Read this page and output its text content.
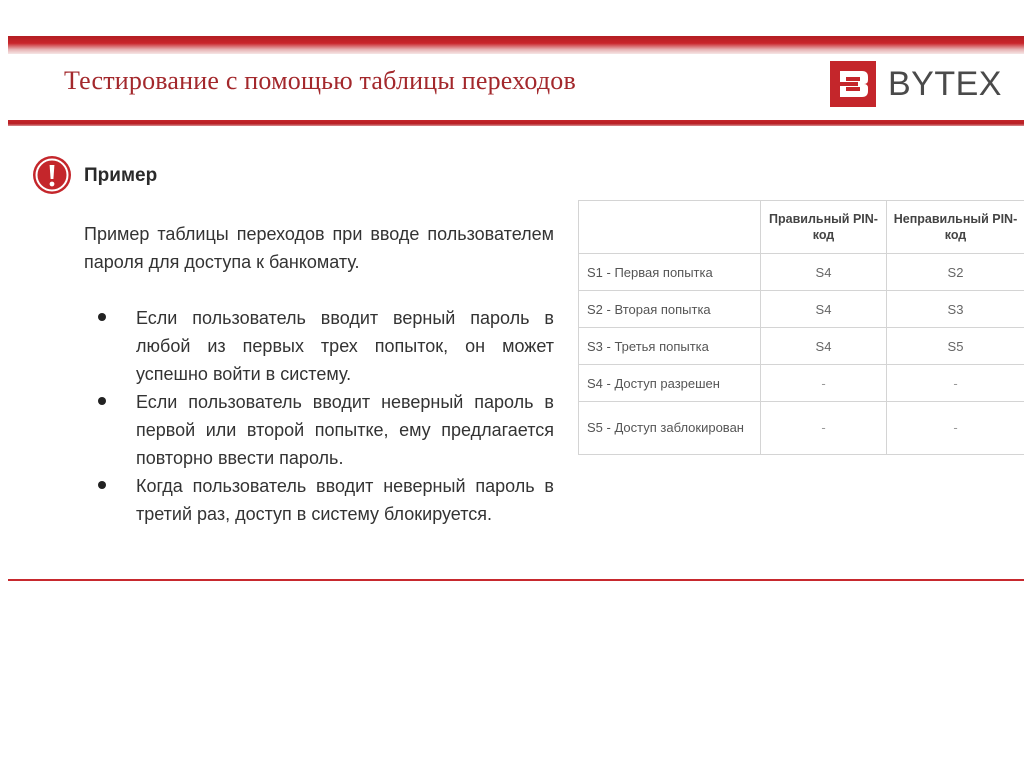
Тестирование с помощью таблицы переходов	BYTEX
Пример
Пример таблицы переходов при вводе пользователем пароля для доступа к банкомату.
Если пользователь вводит верный пароль в любой из первых трех попыток, он может успешно войти в систему.
Если пользователь вводит неверный пароль в первой или второй попытке, ему предлагается повторно ввести пароль.
Когда пользователь вводит неверный пароль в третий раз, доступ в систему блокируется.
	Правильный PIN-код	Неправильный PIN-код
S1 - Первая попытка	S4	S2
S2 - Вторая попытка	S4	S3
S3 - Третья попытка	S4	S5
S4 - Доступ разрешен	-	-
S5 - Доступ заблокирован	-	-
